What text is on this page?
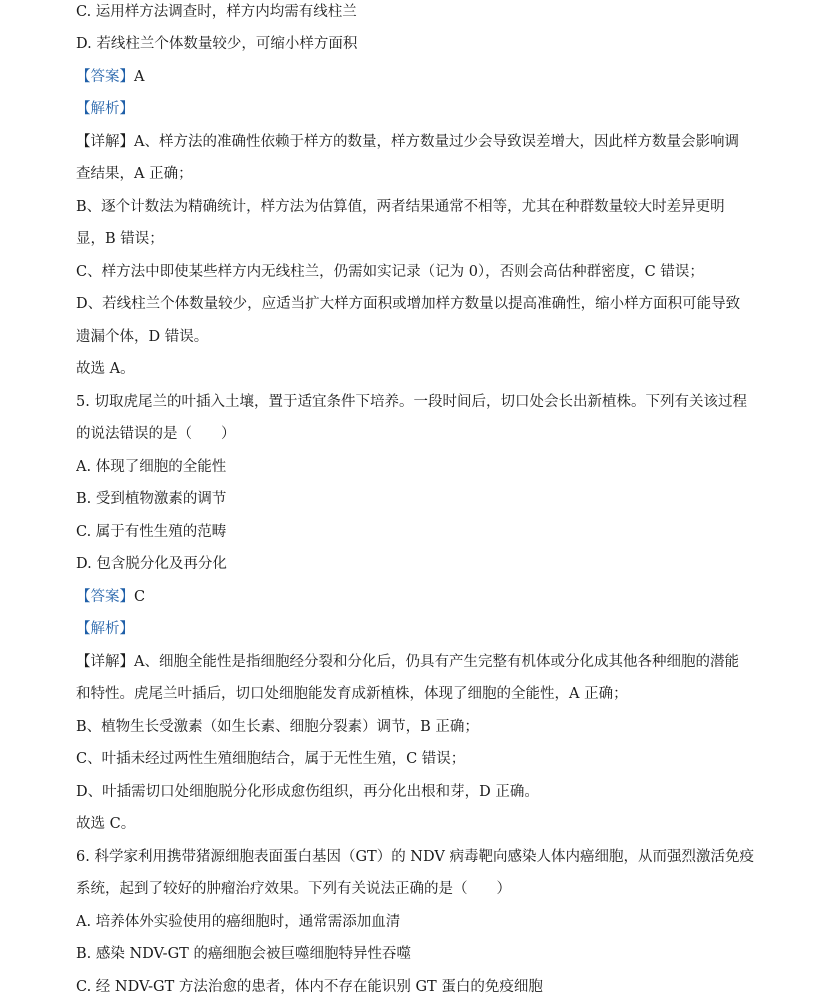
C. 运用样方法调查时，样方内均需有线柱兰
D. 若线柱兰个体数量较少，可缩小样方面积
【答案】A
【解析】
【详解】A、样方法的准确性依赖于样方的数量，样方数量过少会导致误差增大，因此样方数量会影响调
查结果，A 正确；
B、逐个计数法为精确统计，样方法为估算值，两者结果通常不相等，尤其在种群数量较大时差异更明
显，B 错误；
C、样方法中即使某些样方内无线柱兰，仍需如实记录（记为 0），否则会高估种群密度，C 错误；
D、若线柱兰个体数量较少，应适当扩大样方面积或增加样方数量以提高准确性，缩小样方面积可能导致
遗漏个体，D 错误。
故选 A。
5. 切取虎尾兰的叶插入土壤，置于适宜条件下培养。一段时间后，切口处会长出新植株。下列有关该过程
的说法错误的是（　　）
A. 体现了细胞的全能性
B. 受到植物激素的调节
C. 属于有性生殖的范畴
D. 包含脱分化及再分化
【答案】C
【解析】
【详解】A、细胞全能性是指细胞经分裂和分化后，仍具有产生完整有机体或分化成其他各种细胞的潜能
和特性。虎尾兰叶插后，切口处细胞能发育成新植株，体现了细胞的全能性，A 正确；
B、植物生长受激素（如生长素、细胞分裂素）调节，B 正确；
C、叶插未经过两性生殖细胞结合，属于无性生殖，C 错误；
D、叶插需切口处细胞脱分化形成愈伤组织，再分化出根和芽，D 正确。
故选 C。
6. 科学家利用携带猪源细胞表面蛋白基因（GT）的 NDV 病毒靶向感染人体内癌细胞，从而强烈激活免疫
系统，起到了较好的肿瘤治疗效果。下列有关说法正确的是（　　）
A. 培养体外实验使用的癌细胞时，通常需添加血清
B. 感染 NDV-GT 的癌细胞会被巨噬细胞特异性吞噬
C. 经 NDV-GT 方法治愈的患者，体内不存在能识别 GT 蛋白的免疫细胞
